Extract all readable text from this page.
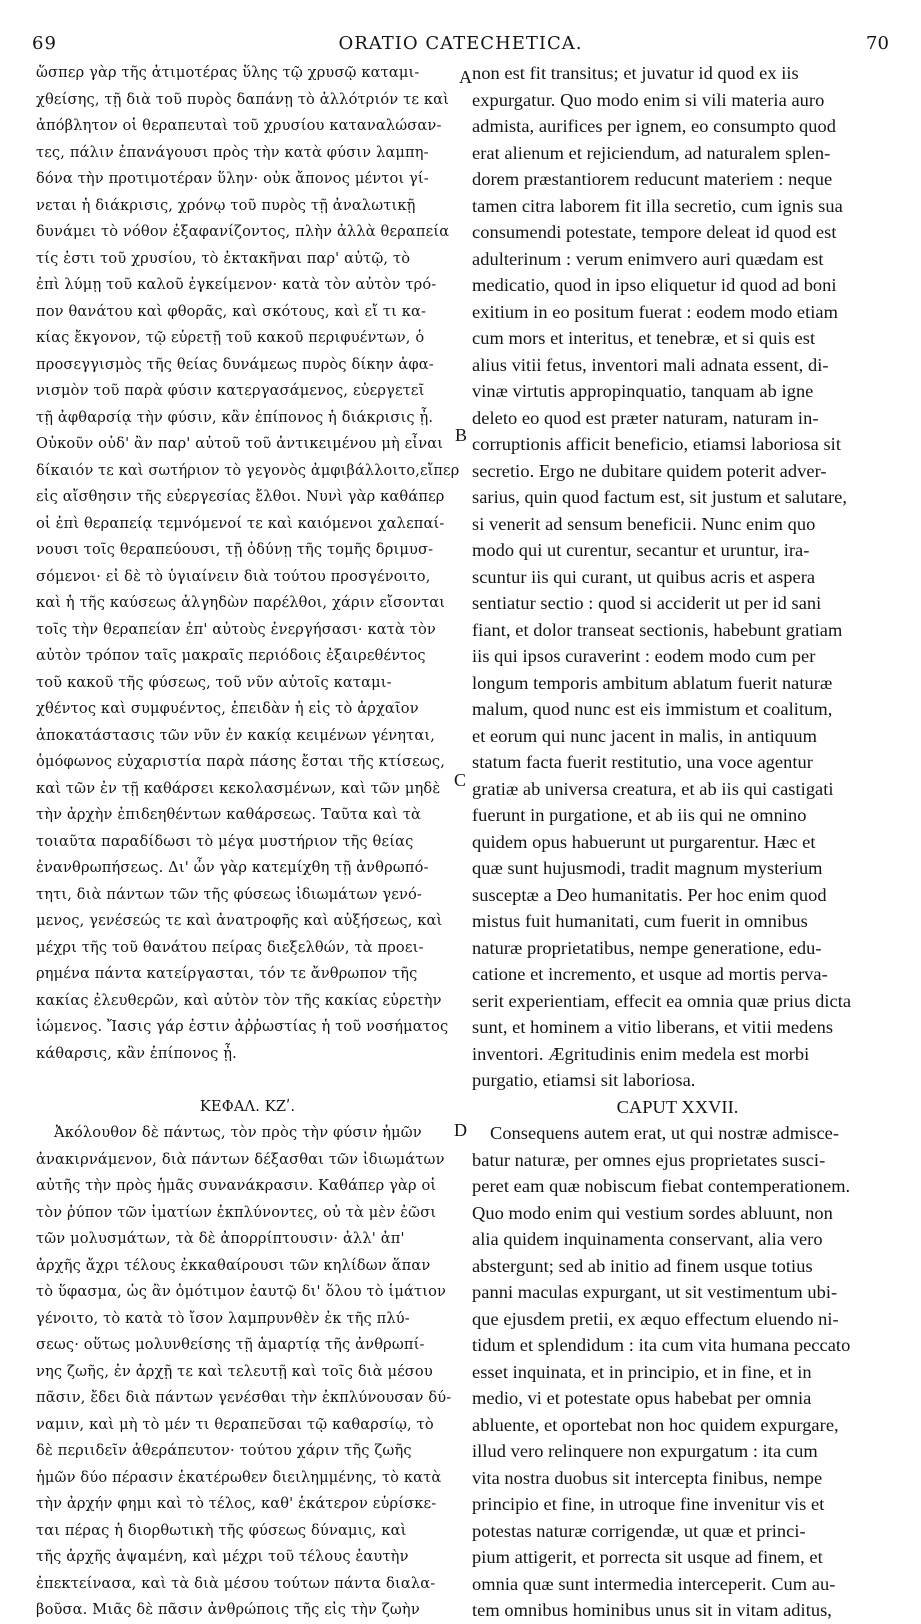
69	ORATIO CATECHETICA.	70

ὥσπερ γὰρ τῆς ἀτιμοτέρας ὕλης τῷ χρυσῷ καταμι-

χθείσης, τῇ διὰ τοῦ πυρὸς δαπάνῃ τὸ ἀλλότριόν τε καὶ

ἀπόβλητον οἱ θεραπευταὶ τοῦ χρυσίου καταναλώσαν-

τες, πάλιν ἐπανάγουσι πρὸς τὴν κατὰ φύσιν λαμπη-

δόνα τὴν προτιμοτέραν ὕλην· οὐκ ἄπονος μέντοι γί-

νεται ἡ διάκρισις, χρόνῳ τοῦ πυρὸς τῇ ἀναλωτικῇ

δυνάμει τὸ νόθον ἐξαφανίζοντος, πλὴν ἀλλὰ θεραπεία

τίς ἐστι τοῦ χρυσίου, τὸ ἐκτακῆναι παρ' αὐτῷ, τὸ

ἐπὶ λύμῃ τοῦ καλοῦ ἐγκείμενον· κατὰ τὸν αὐτὸν τρό-

πον θανάτου καὶ φθορᾶς, καὶ σκότους, καὶ εἴ τι κα-

κίας ἔκγονον, τῷ εὑρετῇ τοῦ κακοῦ περιφυέντων, ὁ

προσεγγισμὸς τῆς θείας δυνάμεως πυρὸς δίκην ἀφα-

νισμὸν τοῦ παρὰ φύσιν κατεργασάμενος, εὐεργετεῖ

τῇ ἀφθαρσίᾳ τὴν φύσιν, κἂν ἐπίπονος ἡ διάκρισις ᾖ.

Οὐκοῦν οὐδ' ἂν παρ' αὐτοῦ τοῦ ἀντικειμένου μὴ εἶναι

δίκαιόν τε καὶ σωτήριον τὸ γεγονὸς ἀμφιβάλλοιτο,εἴπερ

εἰς αἴσθησιν τῆς εὐεργεσίας ἔλθοι. Νυνὶ γὰρ καθάπερ

οἱ ἐπὶ θεραπείᾳ τεμνόμενοί τε καὶ καιόμενοι χαλεπαί-

νουσι τοῖς θεραπεύουσι, τῇ ὀδύνῃ τῆς τομῆς δριμυσ-

σόμενοι· εἰ δὲ τὸ ὑγιαίνειν διὰ τούτου προσγένοιτο,

καὶ ἡ τῆς καύσεως ἀλγηδὼν παρέλθοι, χάριν εἴσονται

τοῖς τὴν θεραπείαν ἐπ' αὐτοὺς ἐνεργήσασι· κατὰ τὸν

αὐτὸν τρόπον ταῖς μακραῖς περιόδοις ἐξαιρεθέντος

τοῦ κακοῦ τῆς φύσεως, τοῦ νῦν αὐτοῖς καταμι-

χθέντος καὶ συμφυέντος, ἐπειδὰν ἡ εἰς τὸ ἀρχαῖον

ἀποκατάστασις τῶν νῦν ἐν κακίᾳ κειμένων γένηται,

ὁμόφωνος εὐχαριστία παρὰ πάσης ἔσται τῆς κτίσεως,

καὶ τῶν ἐν τῇ καθάρσει κεκολασμένων, καὶ τῶν μηδὲ

τὴν ἀρχὴν ἐπιδεηθέντων καθάρσεως. Ταῦτα καὶ τὰ

τοιαῦτα παραδίδωσι τὸ μέγα μυστήριον τῆς θείας

ἐνανθρωπήσεως. Δι' ὧν γὰρ κατεμίχθη τῇ ἀνθρωπό-

τητι, διὰ πάντων τῶν τῆς φύσεως ἰδιωμάτων γενό-

μενος, γενέσεώς τε καὶ ἀνατροφῆς καὶ αὐξήσεως, καὶ

μέχρι τῆς τοῦ θανάτου πείρας διεξελθών, τὰ προει-

ρημένα πάντα κατείργασται, τόν τε ἄνθρωπον τῆς

κακίας ἐλευθερῶν, καὶ αὐτὸν τὸν τῆς κακίας εὑρετὴν

ἰώμενος. Ἴασις γάρ ἐστιν ἀῤῥωστίας ἡ τοῦ νοσήματος

κάθαρσις, κἂν ἐπίπονος ᾖ.

ΚΕΦΑΛ. ΚΖʹ.

Ἀκόλουθον δὲ πάντως, τὸν πρὸς τὴν φύσιν ἡμῶν

ἀνακιρνάμενον, διὰ πάντων δέξασθαι τῶν ἰδιωμάτων

αὐτῆς τὴν πρὸς ἡμᾶς συνανάκρασιν. Καθάπερ γὰρ οἱ

τὸν ῥύπον τῶν ἱματίων ἐκπλύνοντες, οὐ τὰ μὲν ἐῶσι

τῶν μολυσμάτων, τὰ δὲ ἀπορρίπτουσιν· ἀλλ' ἀπ'

ἀρχῆς ἄχρι τέλους ἐκκαθαίρουσι τῶν κηλίδων ἅπαν

τὸ ὕφασμα, ὡς ἂν ὁμότιμον ἑαυτῷ δι' ὅλου τὸ ἱμάτιον

γένοιτο, τὸ κατὰ τὸ ἴσον λαμπρυνθὲν ἐκ τῆς πλύ-

σεως· οὕτως μολυνθείσης τῇ ἁμαρτίᾳ τῆς ἀνθρωπί-

νης ζωῆς, ἐν ἀρχῇ τε καὶ τελευτῇ καὶ τοῖς διὰ μέσου

πᾶσιν, ἔδει διὰ πάντων γενέσθαι τὴν ἐκπλύνουσαν δύ-

ναμιν, καὶ μὴ τὸ μέν τι θεραπεῦσαι τῷ καθαρσίῳ, τὸ

δὲ περιιδεῖν ἀθεράπευτον· τούτου χάριν τῆς ζωῆς

ἡμῶν δύο πέρασιν ἑκατέρωθεν διειλημμένης, τὸ κατὰ

τὴν ἀρχήν φημι καὶ τὸ τέλος, καθ' ἑκάτερον εὑρίσκε-

ται πέρας ἡ διορθωτικὴ τῆς φύσεως δύναμις, καὶ

τῆς ἀρχῆς ἁψαμένη, καὶ μέχρι τοῦ τέλους ἑαυτὴν

ἐπεκτείνασα, καὶ τὰ διὰ μέσου τούτων πάντα διαλα-

βοῦσα. Μιᾶς δὲ πᾶσιν ἀνθρώποις τῆς εἰς τὴν ζωὴν

non est fit transitus; et juvatur id quod ex iis

expurgatur. Quo modo enim si vili materia auro

admista, aurifices per ignem, eo consumpto quod

erat alienum et rejiciendum, ad naturalem splen-

dorem præstantiorem reducunt materiem : neque

tamen citra laborem fit illa secretio, cum ignis sua

consumendi potestate, tempore deleat id quod est

adulterinum : verum enimvero auri quædam est

medicatio, quod in ipso eliquetur id quod ad boni

exitium in eo positum fuerat : eodem modo etiam

cum mors et interitus, et tenebræ, et si quis est

alius vitii fetus, inventori mali adnata essent, di-

vinæ virtutis appropinquatio, tanquam ab igne

deleto eo quod est præter naturam, naturam in-

corruptionis afficit beneficio, etiamsi laboriosa sit

secretio. Ergo ne dubitare quidem poterit adver-

sarius, quin quod factum est, sit justum et salutare,

si venerit ad sensum beneficii. Nunc enim quo

modo qui ut curentur, secantur et uruntur, ira-

scuntur iis qui curant, ut quibus acris et aspera

sentiatur sectio : quod si acciderit ut per id sani

fiant, et dolor transeat sectionis, habebunt gratiam

iis qui ipsos curaverint : eodem modo cum per

longum temporis ambitum ablatum fuerit naturæ

malum, quod nunc est eis immistum et coalitum,

et eorum qui nunc jacent in malis, in antiquum

statum facta fuerit restitutio, una voce agentur

gratiæ ab universa creatura, et ab iis qui castigati

fuerunt in purgatione, et ab iis qui ne omnino

quidem opus habuerunt ut purgarentur. Hæc et

quæ sunt hujusmodi, tradit magnum mysterium

susceptæ a Deo humanitatis. Per hoc enim quod

mistus fuit humanitati, cum fuerit in omnibus

naturæ proprietatibus, nempe generatione, edu-

catione et incremento, et usque ad mortis perva-

serit experientiam, effecit ea omnia quæ prius dicta

sunt, et hominem a vitio liberans, et vitii medens

inventori. Ægritudinis enim medela est morbi

purgatio, etiamsi sit laboriosa.

CAPUT XXVII.

Consequens autem erat, ut qui nostræ admisce-

batur naturæ, per omnes ejus proprietates susci-

peret eam quæ nobiscum fiebat contemperationem.

Quo modo enim qui vestium sordes abluunt, non

alia quidem inquinamenta conservant, alia vero

abstergunt; sed ab initio ad finem usque totius

panni maculas expurgant, ut sit vestimentum ubi-

que ejusdem pretii, ex æquo effectum eluendo ni-

tidum et splendidum : ita cum vita humana peccato

esset inquinata, et in principio, et in fine, et in

medio, vi et potestate opus habebat per omnia

abluente, et oportebat non hoc quidem expurgare,

illud vero relinquere non expurgatum : ita cum

vita nostra duobus sit intercepta finibus, nempe

principio et fine, in utroque fine invenitur vis et

potestas naturæ corrigendæ, ut quæ et princi-

pium attigerit, et porrecta sit usque ad finem, et

omnia quæ sunt intermedia interceperit. Cum au-

tem omnibus hominibus unus sit in vitam aditus,

A
B
C
D
